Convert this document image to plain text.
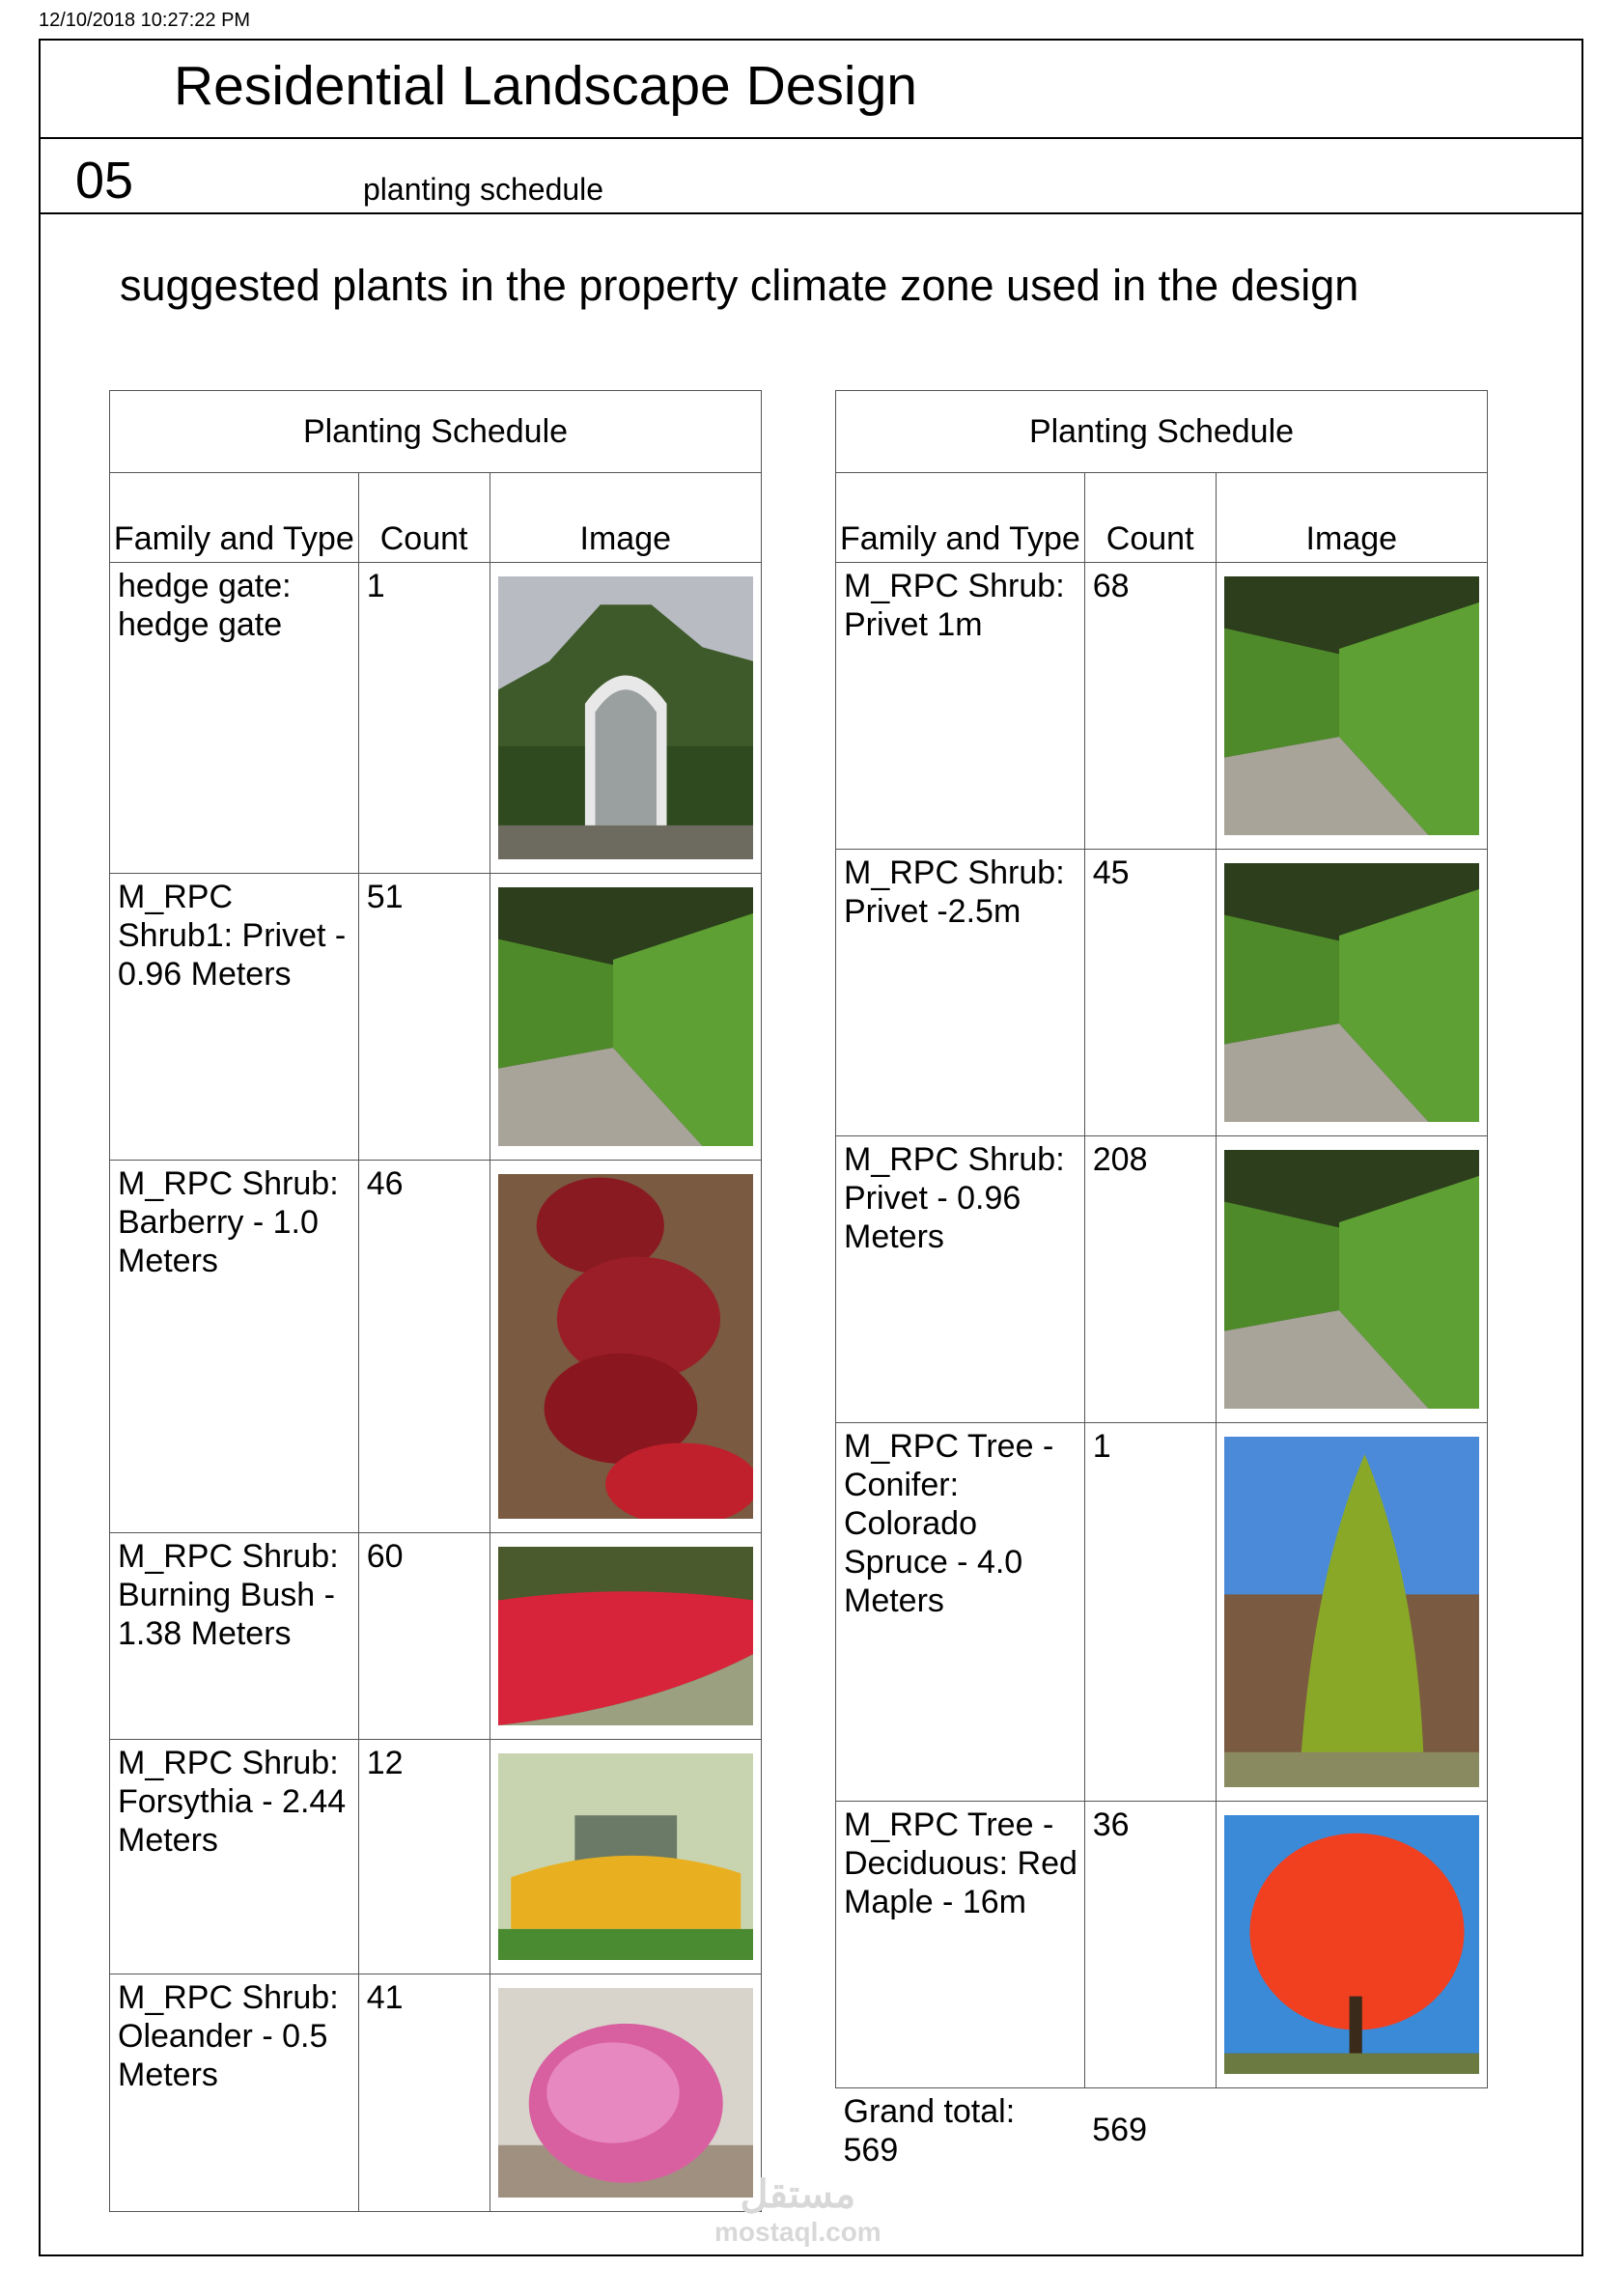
12/10/2018 10:27:22 PM
Residential Landscape Design
05	planting schedule
suggested plants in the property climate zone used in the design
Planting Schedule		
Family and Type	Count	Image
hedge gate: hedge gate	1	

M_RPC Shrub1: Privet - 0.96 Meters	51	

M_RPC Shrub: Barberry - 1.0 Meters	46	

M_RPC Shrub: Burning Bush - 1.38 Meters	60	

M_RPC Shrub: Forsythia - 2.44 Meters	12	

M_RPC Shrub: Oleander - 0.5 Meters	41	
Planting Schedule		
Family and Type	Count	Image
M_RPC Shrub: Privet 1m	68	

M_RPC Shrub: Privet -2.5m	45	

M_RPC Shrub: Privet - 0.96 Meters	208	

M_RPC Tree - Conifer: Colorado Spruce - 4.0 Meters	1	

M_RPC Tree - Deciduous: Red Maple - 16m	36	

Grand total: 569	569	
مستقل
mostaql.com
